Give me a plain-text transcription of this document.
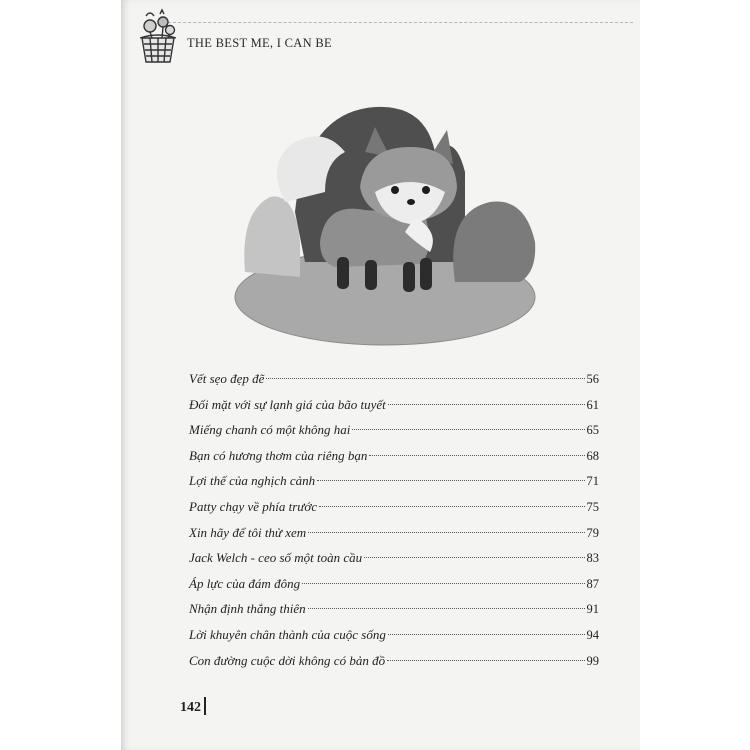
THE BEST ME, I CAN BE
Vết sẹo đẹp đẽ	56
Đối mặt với sự lạnh giá của bão tuyết	61
Miếng chanh có một không hai	65
Bạn có hương thơm của riêng bạn	68
Lợi thế của nghịch cảnh	71
Patty chạy về phía trước	75
Xin hãy để tôi thử xem	79
Jack Welch - ceo số một toàn cầu	83
Áp lực của đám đông	87
Nhận định thẳng thiên	91
Lời khuyên chân thành của cuộc sống	94
Con đường cuộc dời không có bản đồ	99
142
